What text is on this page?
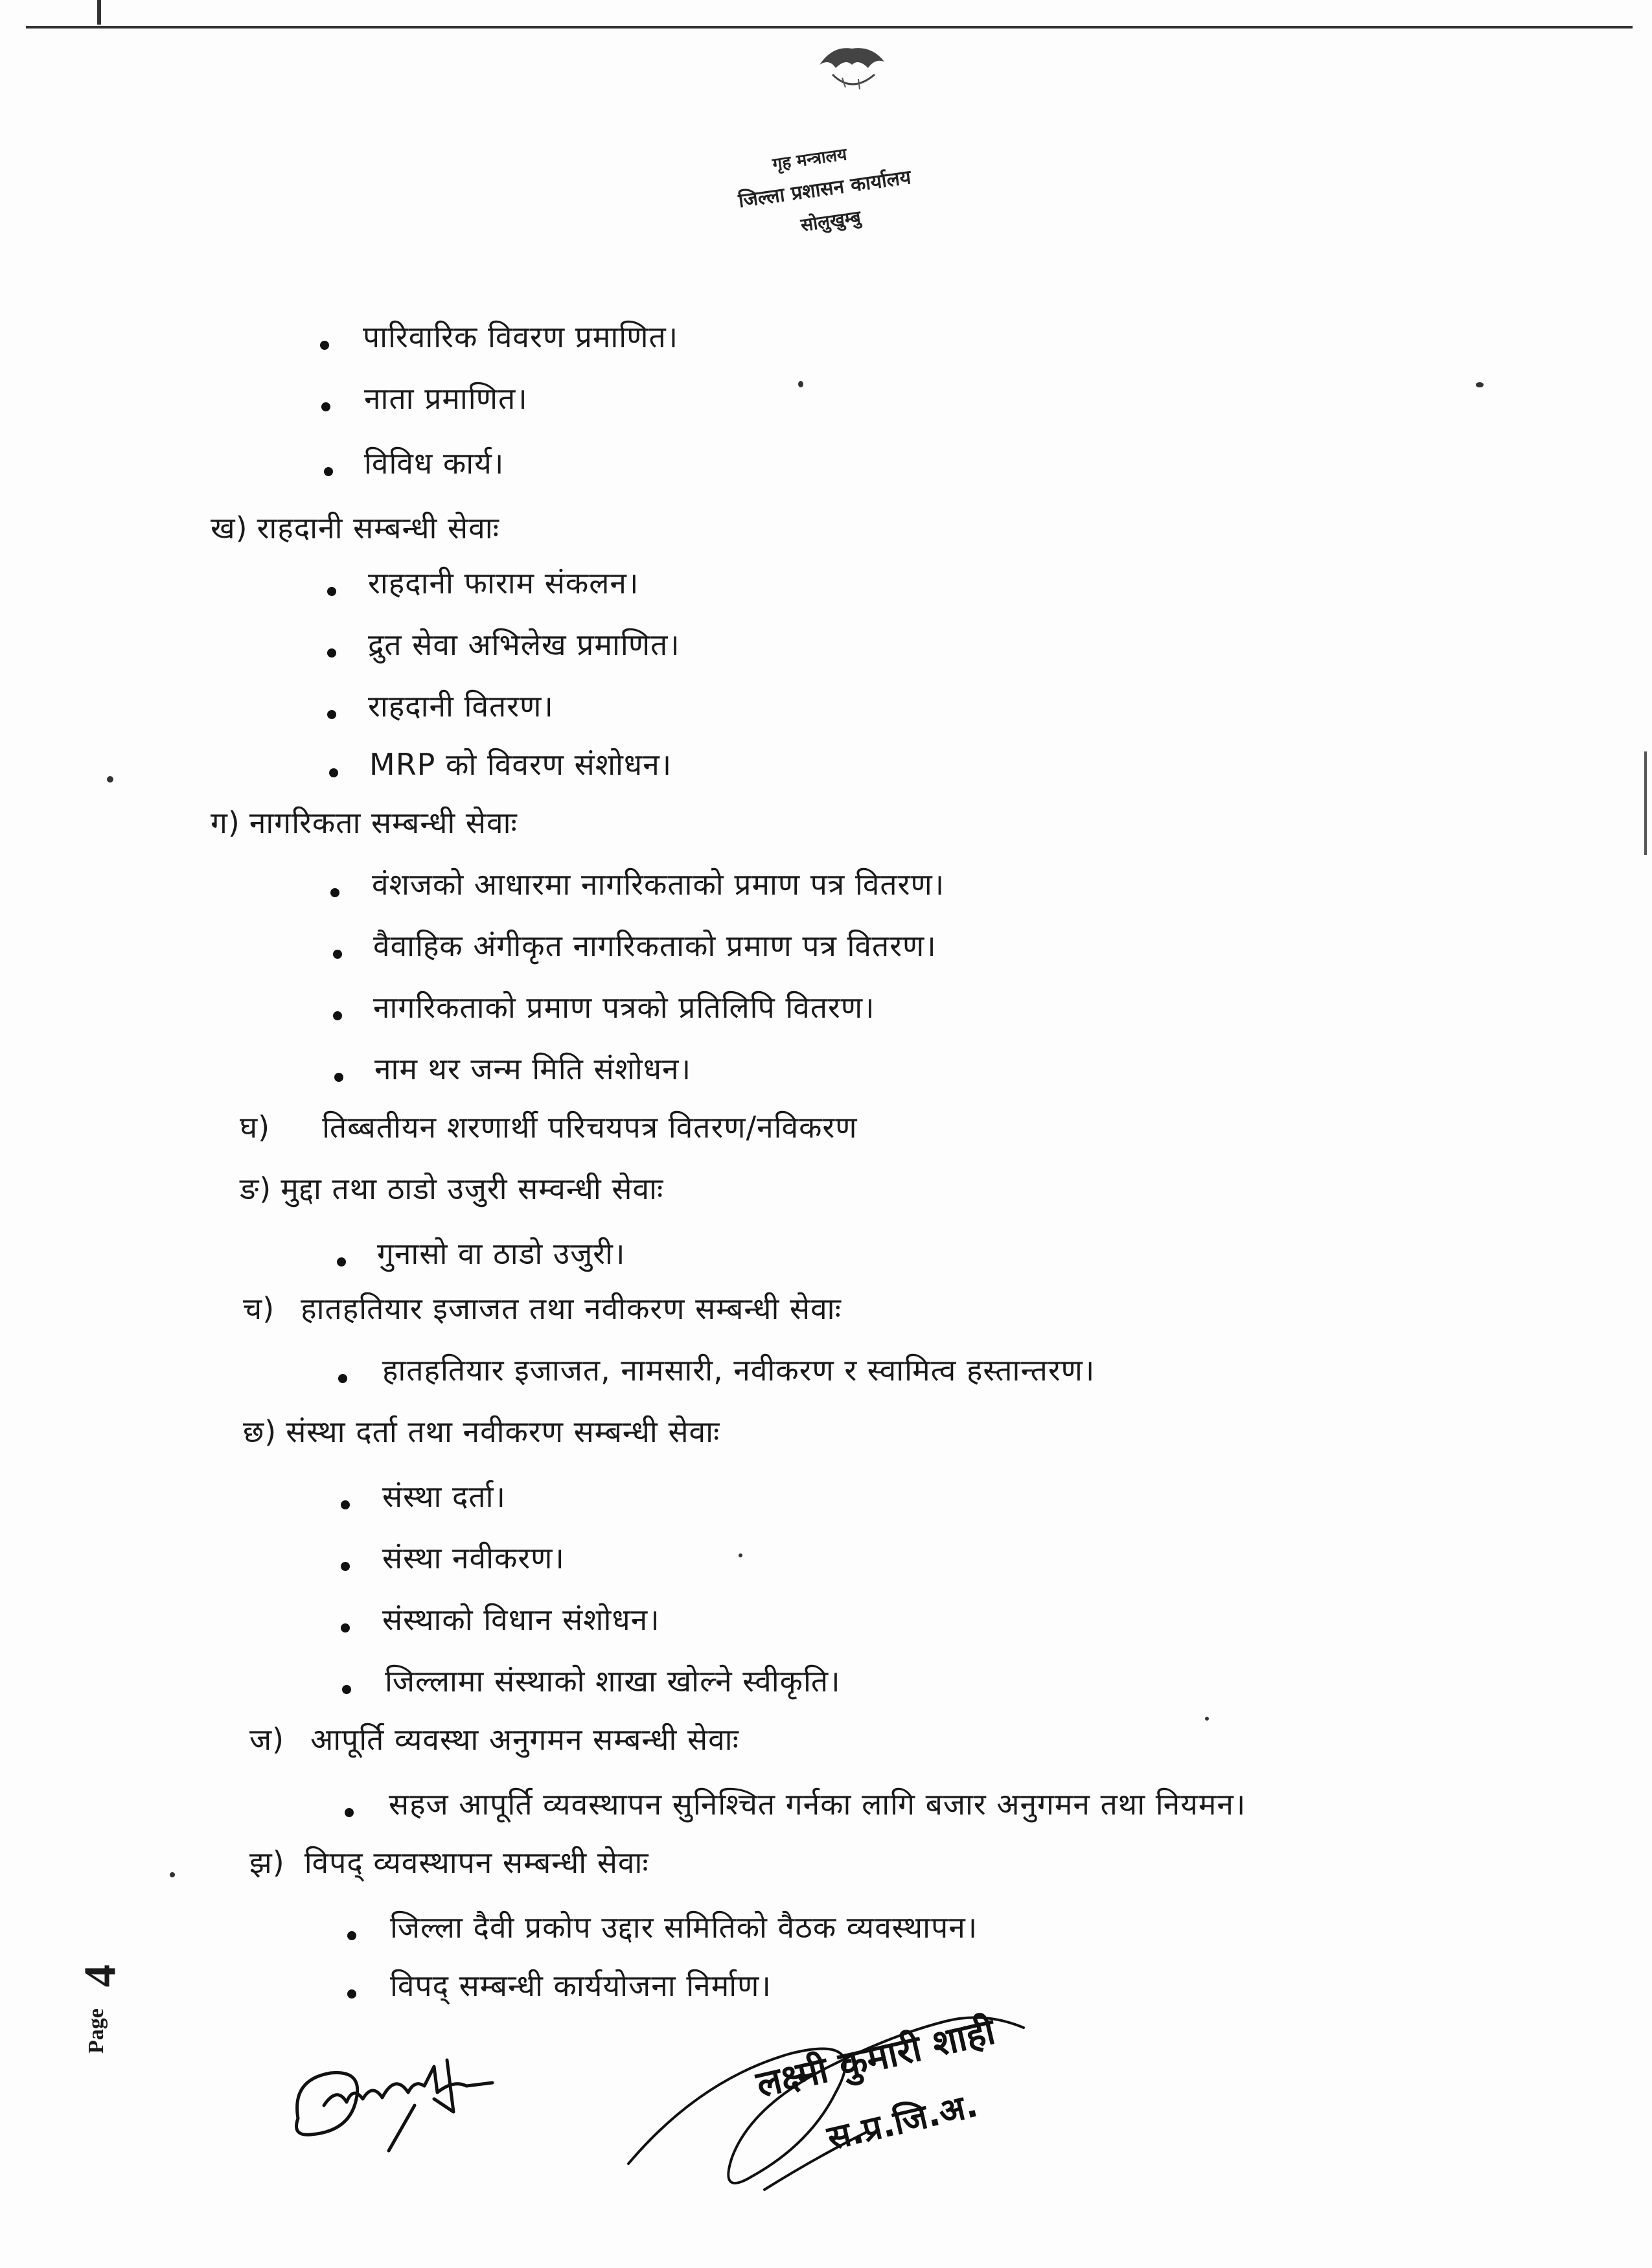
गृह मन्त्रालय
जिल्ला प्रशासन कार्यालय
सोलुखुम्बु
पारिवारिक विवरण प्रमाणित।
नाता प्रमाणित।
विविध कार्य।
ख) राहदानी सम्बन्धी सेवाः
राहदानी फाराम संकलन।
द्रुत सेवा अभिलेख प्रमाणित।
राहदानी वितरण।
MRP को विवरण संशोधन।
ग) नागरिकता सम्बन्धी सेवाः
वंशजको आधारमा नागरिकताको प्रमाण पत्र वितरण।
वैवाहिक अंगीकृत नागरिकताको प्रमाण पत्र वितरण।
नागरिकताको प्रमाण पत्रको प्रतिलिपि वितरण।
नाम थर जन्म मिति संशोधन।
घ) तिब्बतीयन शरणार्थी परिचयपत्र वितरण/नविकरण
ङ) मुद्दा तथा ठाडो उजुरी सम्वन्धी सेवाः
गुनासो वा ठाडो उजुरी।
च) हातहतियार इजाजत तथा नवीकरण सम्बन्धी सेवाः
हातहतियार इजाजत, नामसारी, नवीकरण र स्वामित्व हस्तान्तरण।
छ) संस्था दर्ता तथा नवीकरण सम्बन्धी सेवाः
संस्था दर्ता।
संस्था नवीकरण।
संस्थाको विधान संशोधन।
जिल्लामा संस्थाको शाखा खोल्ने स्वीकृति।
ज) आपूर्ति व्यवस्था अनुगमन सम्बन्धी सेवाः
सहज आपूर्ति व्यवस्थापन सुनिश्चित गर्नका लागि बजार अनुगमन तथा नियमन।
झ) विपद् व्यवस्थापन सम्बन्धी सेवाः
जिल्ला दैवी प्रकोप उद्दार समितिको वैठक व्यवस्थापन।
विपद् सम्बन्धी कार्ययोजना निर्माण।
4
Page	लक्ष्मी कुमारी शाही
स.प्र.जि.अ.
